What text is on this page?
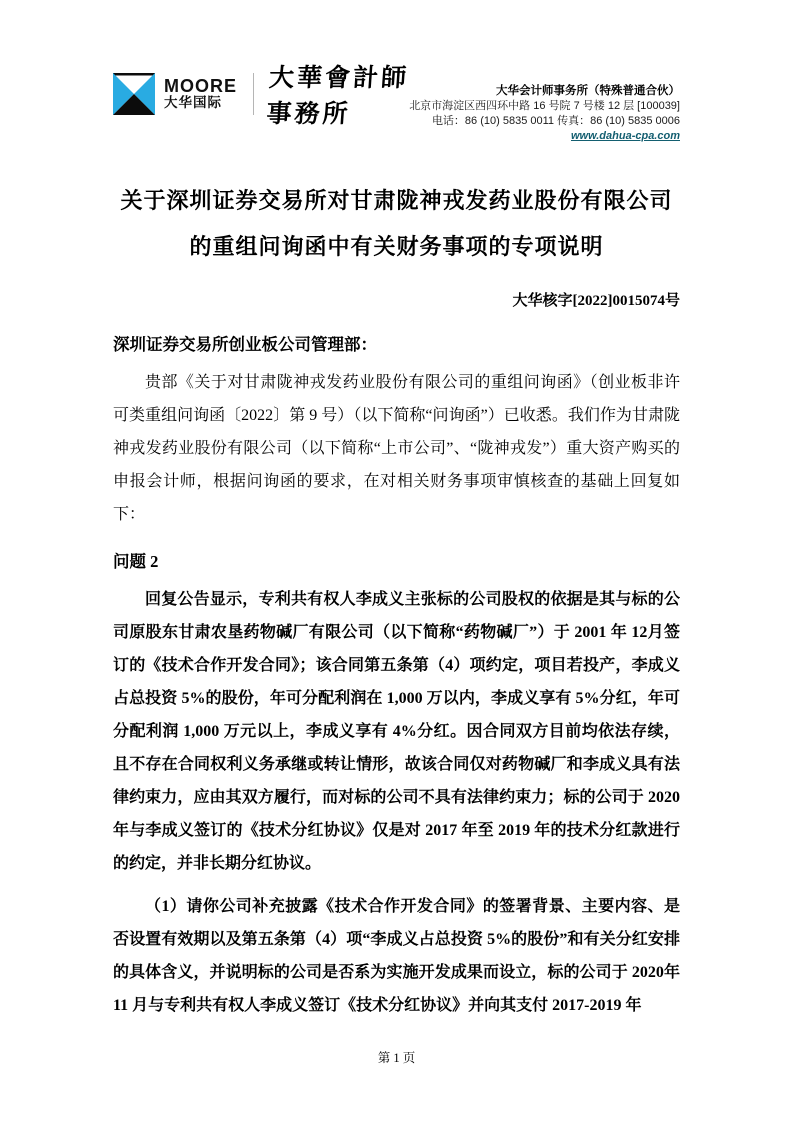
MOORE
大华国际
大華會計師事務所
大华会计师事务所（特殊普通合伙）
北京市海淀区西四环中路 16 号院 7 号楼 12 层 [100039]
电话：86 (10) 5835 0011 传真：86 (10) 5835 0006
www.dahua-cpa.com
关于深圳证券交易所对甘肃陇神戎发药业股份有限公司
的重组问询函中有关财务事项的专项说明
大华核字[2022]0015074号
深圳证券交易所创业板公司管理部：

贵部《关于对甘肃陇神戎发药业股份有限公司的重组问询函》（创业板非许可类重组问询函〔2022〕第 9 号）（以下简称“问询函”）已收悉。我们作为甘肃陇神戎发药业股份有限公司（以下简称“上市公司”、“陇神戎发”）重大资产购买的申报会计师，根据问询函的要求，在对相关财务事项审慎核查的基础上回复如下：

问题 2

回复公告显示，专利共有权人李成义主张标的公司股权的依据是其与标的公司原股东甘肃农垦药物碱厂有限公司（以下简称“药物碱厂”）于 2001 年 12月签订的《技术合作开发合同》；该合同第五条第（4）项约定，项目若投产，李成义占总投资 5%的股份，年可分配利润在 1,000 万以内，李成义享有 5%分红，年可分配利润 1,000 万元以上，李成义享有 4%分红。因合同双方目前均依法存续，且不存在合同权利义务承继或转让情形，故该合同仅对药物碱厂和李成义具有法律约束力，应由其双方履行，而对标的公司不具有法律约束力；标的公司于 2020 年与李成义签订的《技术分红协议》仅是对 2017 年至 2019 年的技术分红款进行的约定，并非长期分红协议。

（1）请你公司补充披露《技术合作开发合同》的签署背景、主要内容、是否设置有效期以及第五条第（4）项“李成义占总投资 5%的股份”和有关分红安排的具体含义，并说明标的公司是否系为实施开发成果而设立，标的公司于 2020年 11 月与专利共有权人李成义签订《技术分红协议》并向其支付 2017-2019 年

第 1 页
